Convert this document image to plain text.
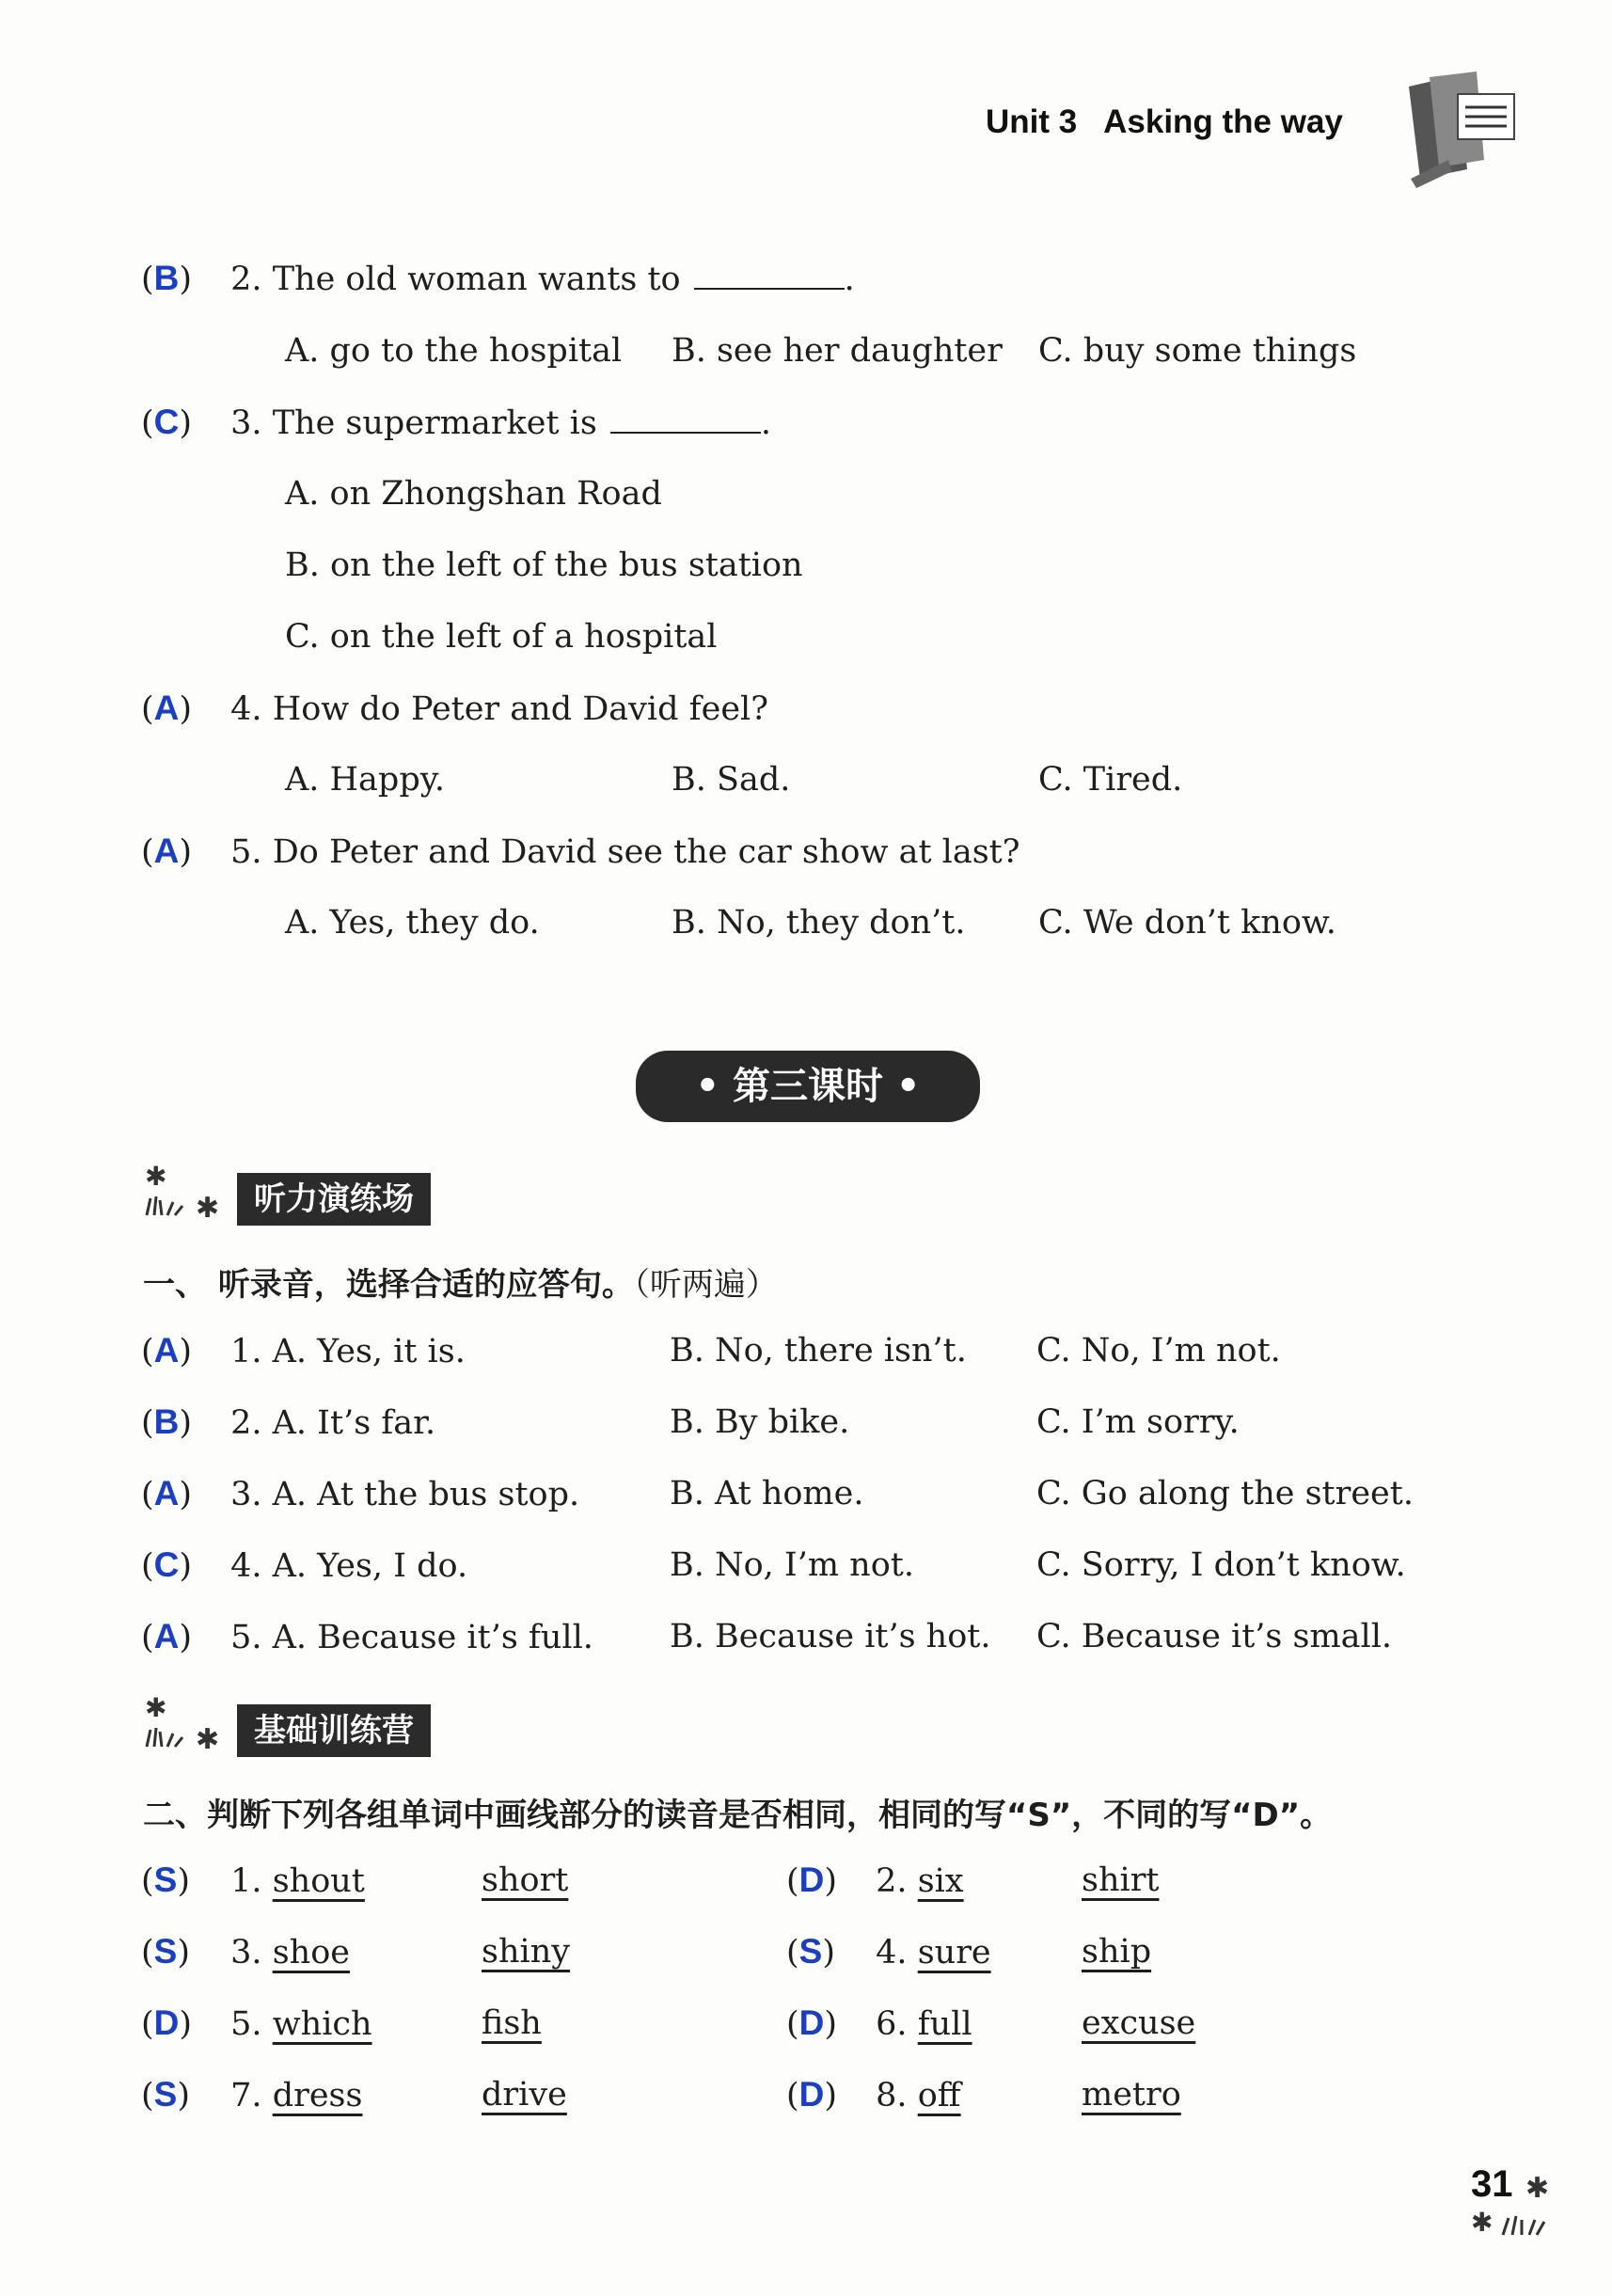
Unit 3 Asking the way
(B) 2. The old woman wants to	.
A. go to the hospital B. see her daughter C. buy some things
(C) 3. The supermarket is	.
A. on Zhongshan Road
B. on the left of the bus station
C. on the left of a hospital
(A) 4. How do Peter and David feel?
A. Happy.	B. Sad.	C. Tired.
(A) 5. Do Peter and David see the car show at last?
A. Yes, they do.	B. No, they don’t. C. We don’t know.
• 第三课时 •
✱
✱	听力演练场
一、 听录音，选择合适的应答句。（听两遍）
(A) 1. A. Yes, it is.	B. No, there isn’t. C. No, I’m not.
(B) 2. A. It’s far.	B. By bike.	C. I’m sorry.
(A) 3. A. At the bus stop.	B. At home.	C. Go along the street.
(C) 4. A. Yes, I do.	B. No, I’m not.	C. Sorry, I don’t know.
(A) 5. A. Because it’s full. B. Because it’s hot. C. Because it’s small.
✱
✱	基础训练营
二、判断下列各组单词中画线部分的读音是否相同，相同的写“S”，不同的写“D”。
(S) 1. shout	short	(D) 2. six	shirt
(S) 3. shoe	shiny	(S) 4. sure	ship
(D) 5. which	fish	(D) 6. full	excuse
(S) 7. dress	drive	(D) 8. off	metro
31 ✱
✱
